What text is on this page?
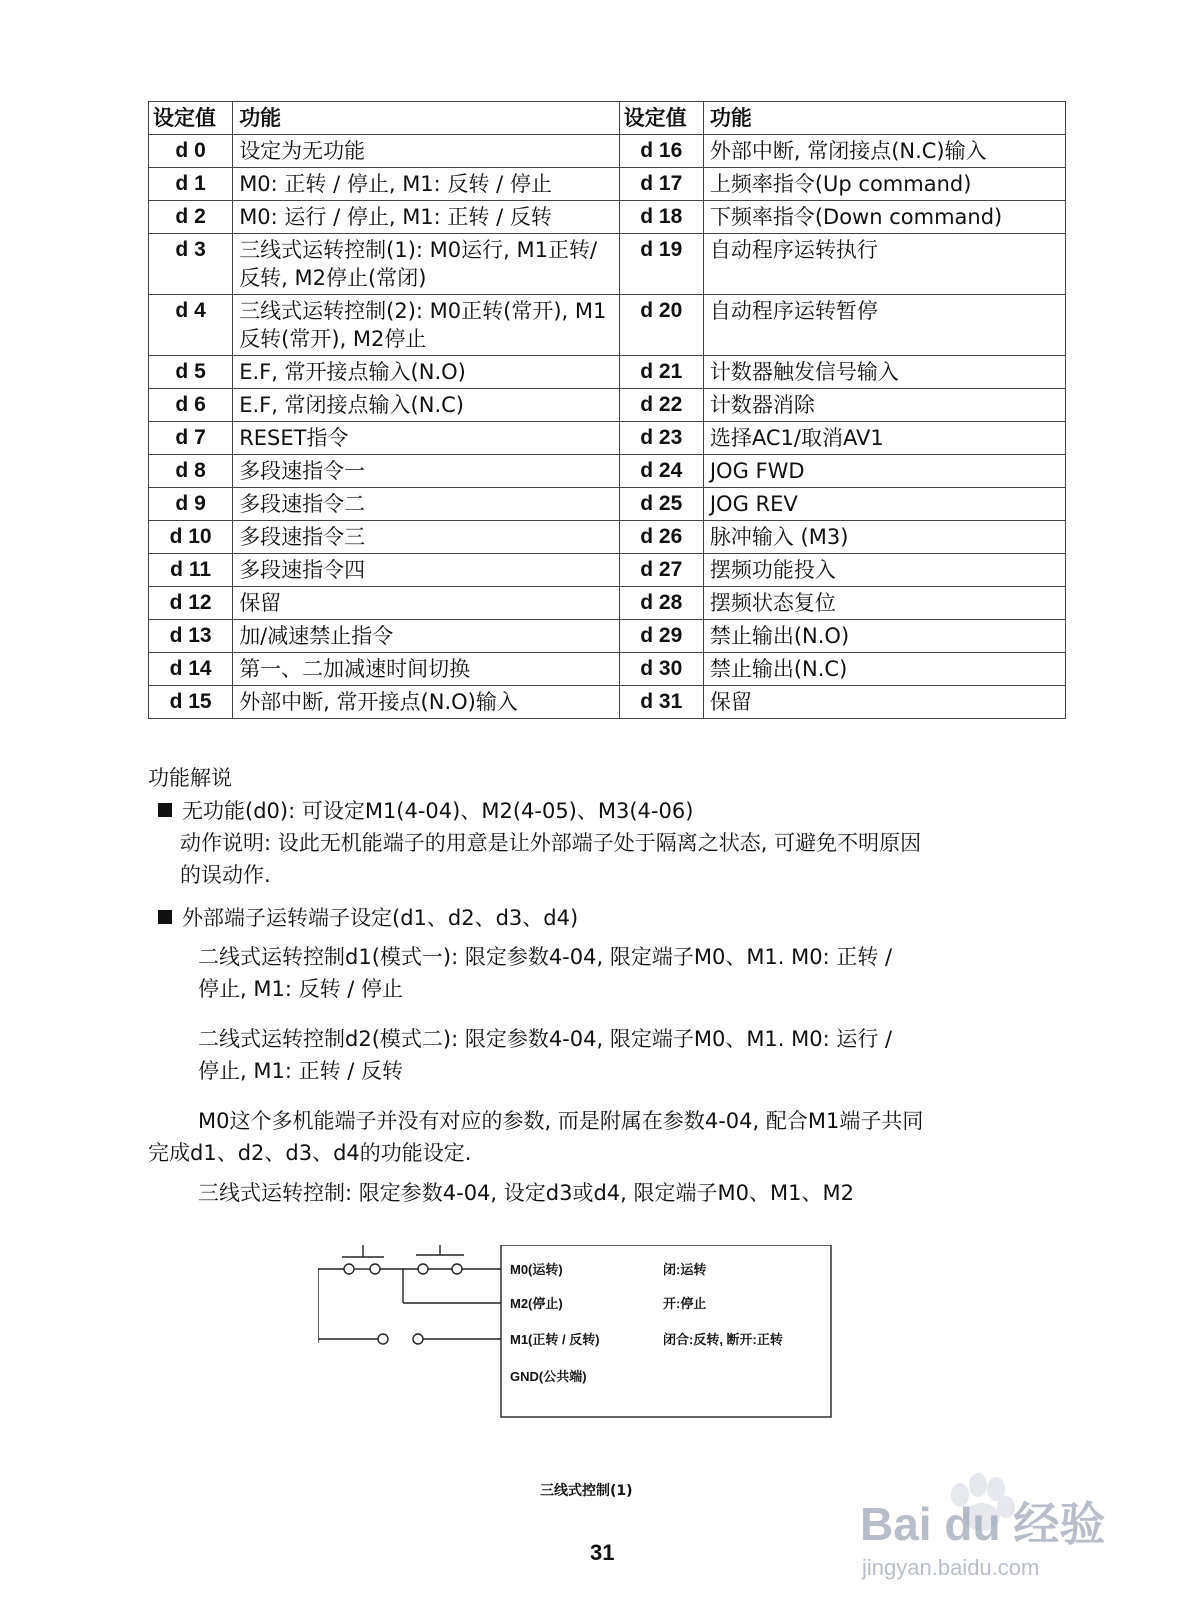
设定值	功能	设定值	功能
d 0	设定为无功能	d 16	外部中断, 常闭接点(N.C)输入
d 1	M0: 正转 / 停止, M1: 反转 / 停止	d 17	上频率指令(Up command)
d 2	M0: 运行 / 停止, M1: 正转 / 反转	d 18	下频率指令(Down command)
d 3	三线式运转控制(1): M0运行, M1正转/反转, M2停止(常闭)	d 19	自动程序运转执行
d 4	三线式运转控制(2): M0正转(常开), M1反转(常开), M2停止	d 20	自动程序运转暂停
d 5	E.F, 常开接点输入(N.O)	d 21	计数器触发信号输入
d 6	E.F, 常闭接点输入(N.C)	d 22	计数器消除
d 7	RESET指令	d 23	选择AC1/取消AV1
d 8	多段速指令一	d 24	JOG FWD
d 9	多段速指令二	d 25	JOG REV
d 10	多段速指令三	d 26	脉冲输入 (M3)
d 11	多段速指令四	d 27	摆频功能投入
d 12	保留	d 28	摆频状态复位
d 13	加/减速禁止指令	d 29	禁止输出(N.O)
d 14	第一、二加减速时间切换	d 30	禁止输出(N.C)
d 15	外部中断, 常开接点(N.O)输入	d 31	保留
功能解说
无功能(d0): 可设定M1(4-04)、M2(4-05)、M3(4-06)
动作说明: 设此无机能端子的用意是让外部端子处于隔离之状态, 可避免不明原因
的误动作.
外部端子运转端子设定(d1、d2、d3、d4)
二线式运转控制d1(模式一): 限定参数4-04, 限定端子M0、M1. M0: 正转 /
停止, M1: 反转 / 停止
二线式运转控制d2(模式二): 限定参数4-04, 限定端子M0、M1. M0: 运行 /
停止, M1: 正转 / 反转
M0这个多机能端子并没有对应的参数, 而是附属在参数4-04, 配合M1端子共同
完成d1、d2、d3、d4的功能设定.
三线式运转控制: 限定参数4-04, 设定d3或d4, 限定端子M0、M1、M2
M0(运转)
M2(停止)
M1(正转 / 反转)
GND(公共端)
闭:运转
开:停止
闭合:反转, 断开:正转
三线式控制(1)
31
Bai du 经验
jingyan.baidu.com
